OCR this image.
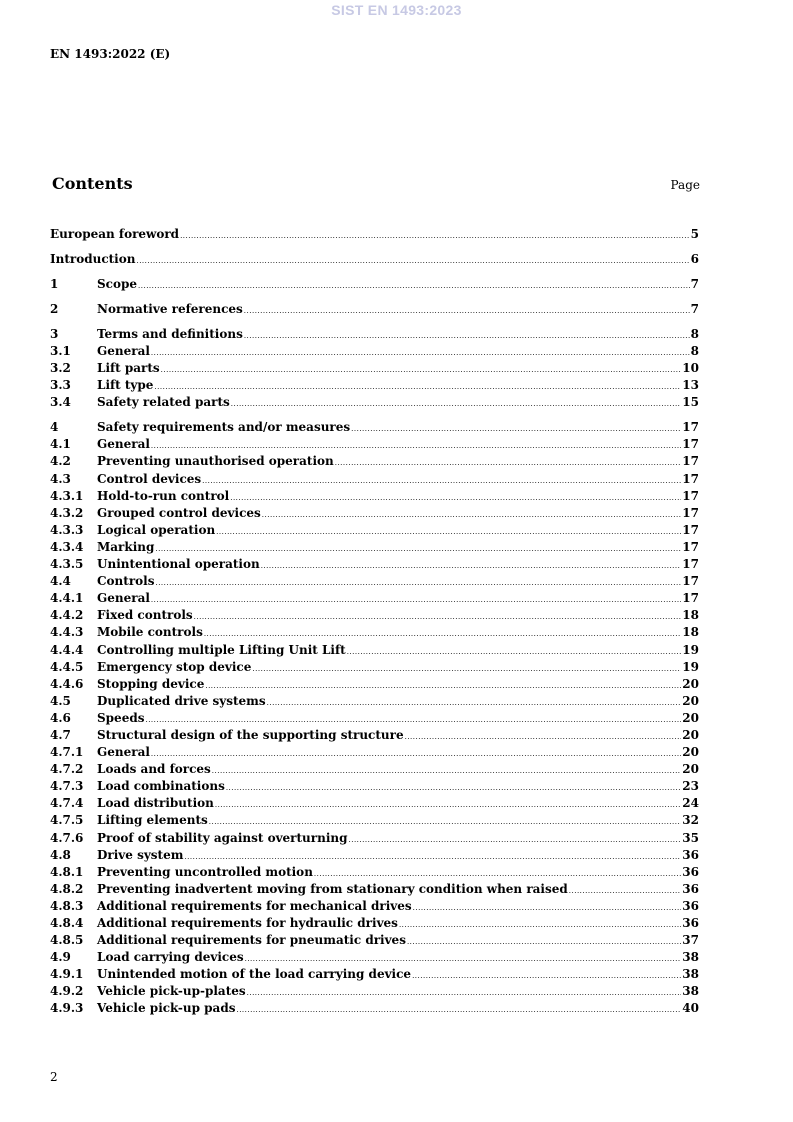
SIST EN 1493:2023
EN 1493:2022 (E)
Contents	Page
European foreword .....	5
Introduction .....	6
1	Scope .....	7
2	Normative references .....	7
3	Terms and definitions .....	8
3.1	General .....	8
3.2	Lift parts .....	10
3.3	Lift type .....	13
3.4	Safety related parts .....	15
4	Safety requirements and/or measures .....	17
4.1	General .....	17
4.2	Preventing unauthorised operation .....	17
4.3	Control devices .....	17
4.3.1	Hold-to-run control .....	17
4.3.2	Grouped control devices .....	17
4.3.3	Logical operation .....	17
4.3.4	Marking .....	17
4.3.5	Unintentional operation .....	17
4.4	Controls .....	17
4.4.1	General .....	17
4.4.2	Fixed controls .....	18
4.4.3	Mobile controls .....	18
4.4.4	Controlling multiple Lifting Unit Lift .....	19
4.4.5	Emergency stop device .....	19
4.4.6	Stopping device .....	20
4.5	Duplicated drive systems .....	20
4.6	Speeds .....	20
4.7	Structural design of the supporting structure .....	20
4.7.1	General .....	20
4.7.2	Loads and forces .....	20
4.7.3	Load combinations .....	23
4.7.4	Load distribution .....	24
4.7.5	Lifting elements .....	32
4.7.6	Proof of stability against overturning .....	35
4.8	Drive system .....	36
4.8.1	Preventing uncontrolled motion .....	36
4.8.2	Preventing inadvertent moving from stationary condition when raised .....	36
4.8.3	Additional requirements for mechanical drives .....	36
4.8.4	Additional requirements for hydraulic drives .....	36
4.8.5	Additional requirements for pneumatic drives .....	37
4.9	Load carrying devices .....	38
4.9.1	Unintended motion of the load carrying device .....	38
4.9.2	Vehicle pick-up-plates .....	38
4.9.3	Vehicle pick-up pads .....	40
2
